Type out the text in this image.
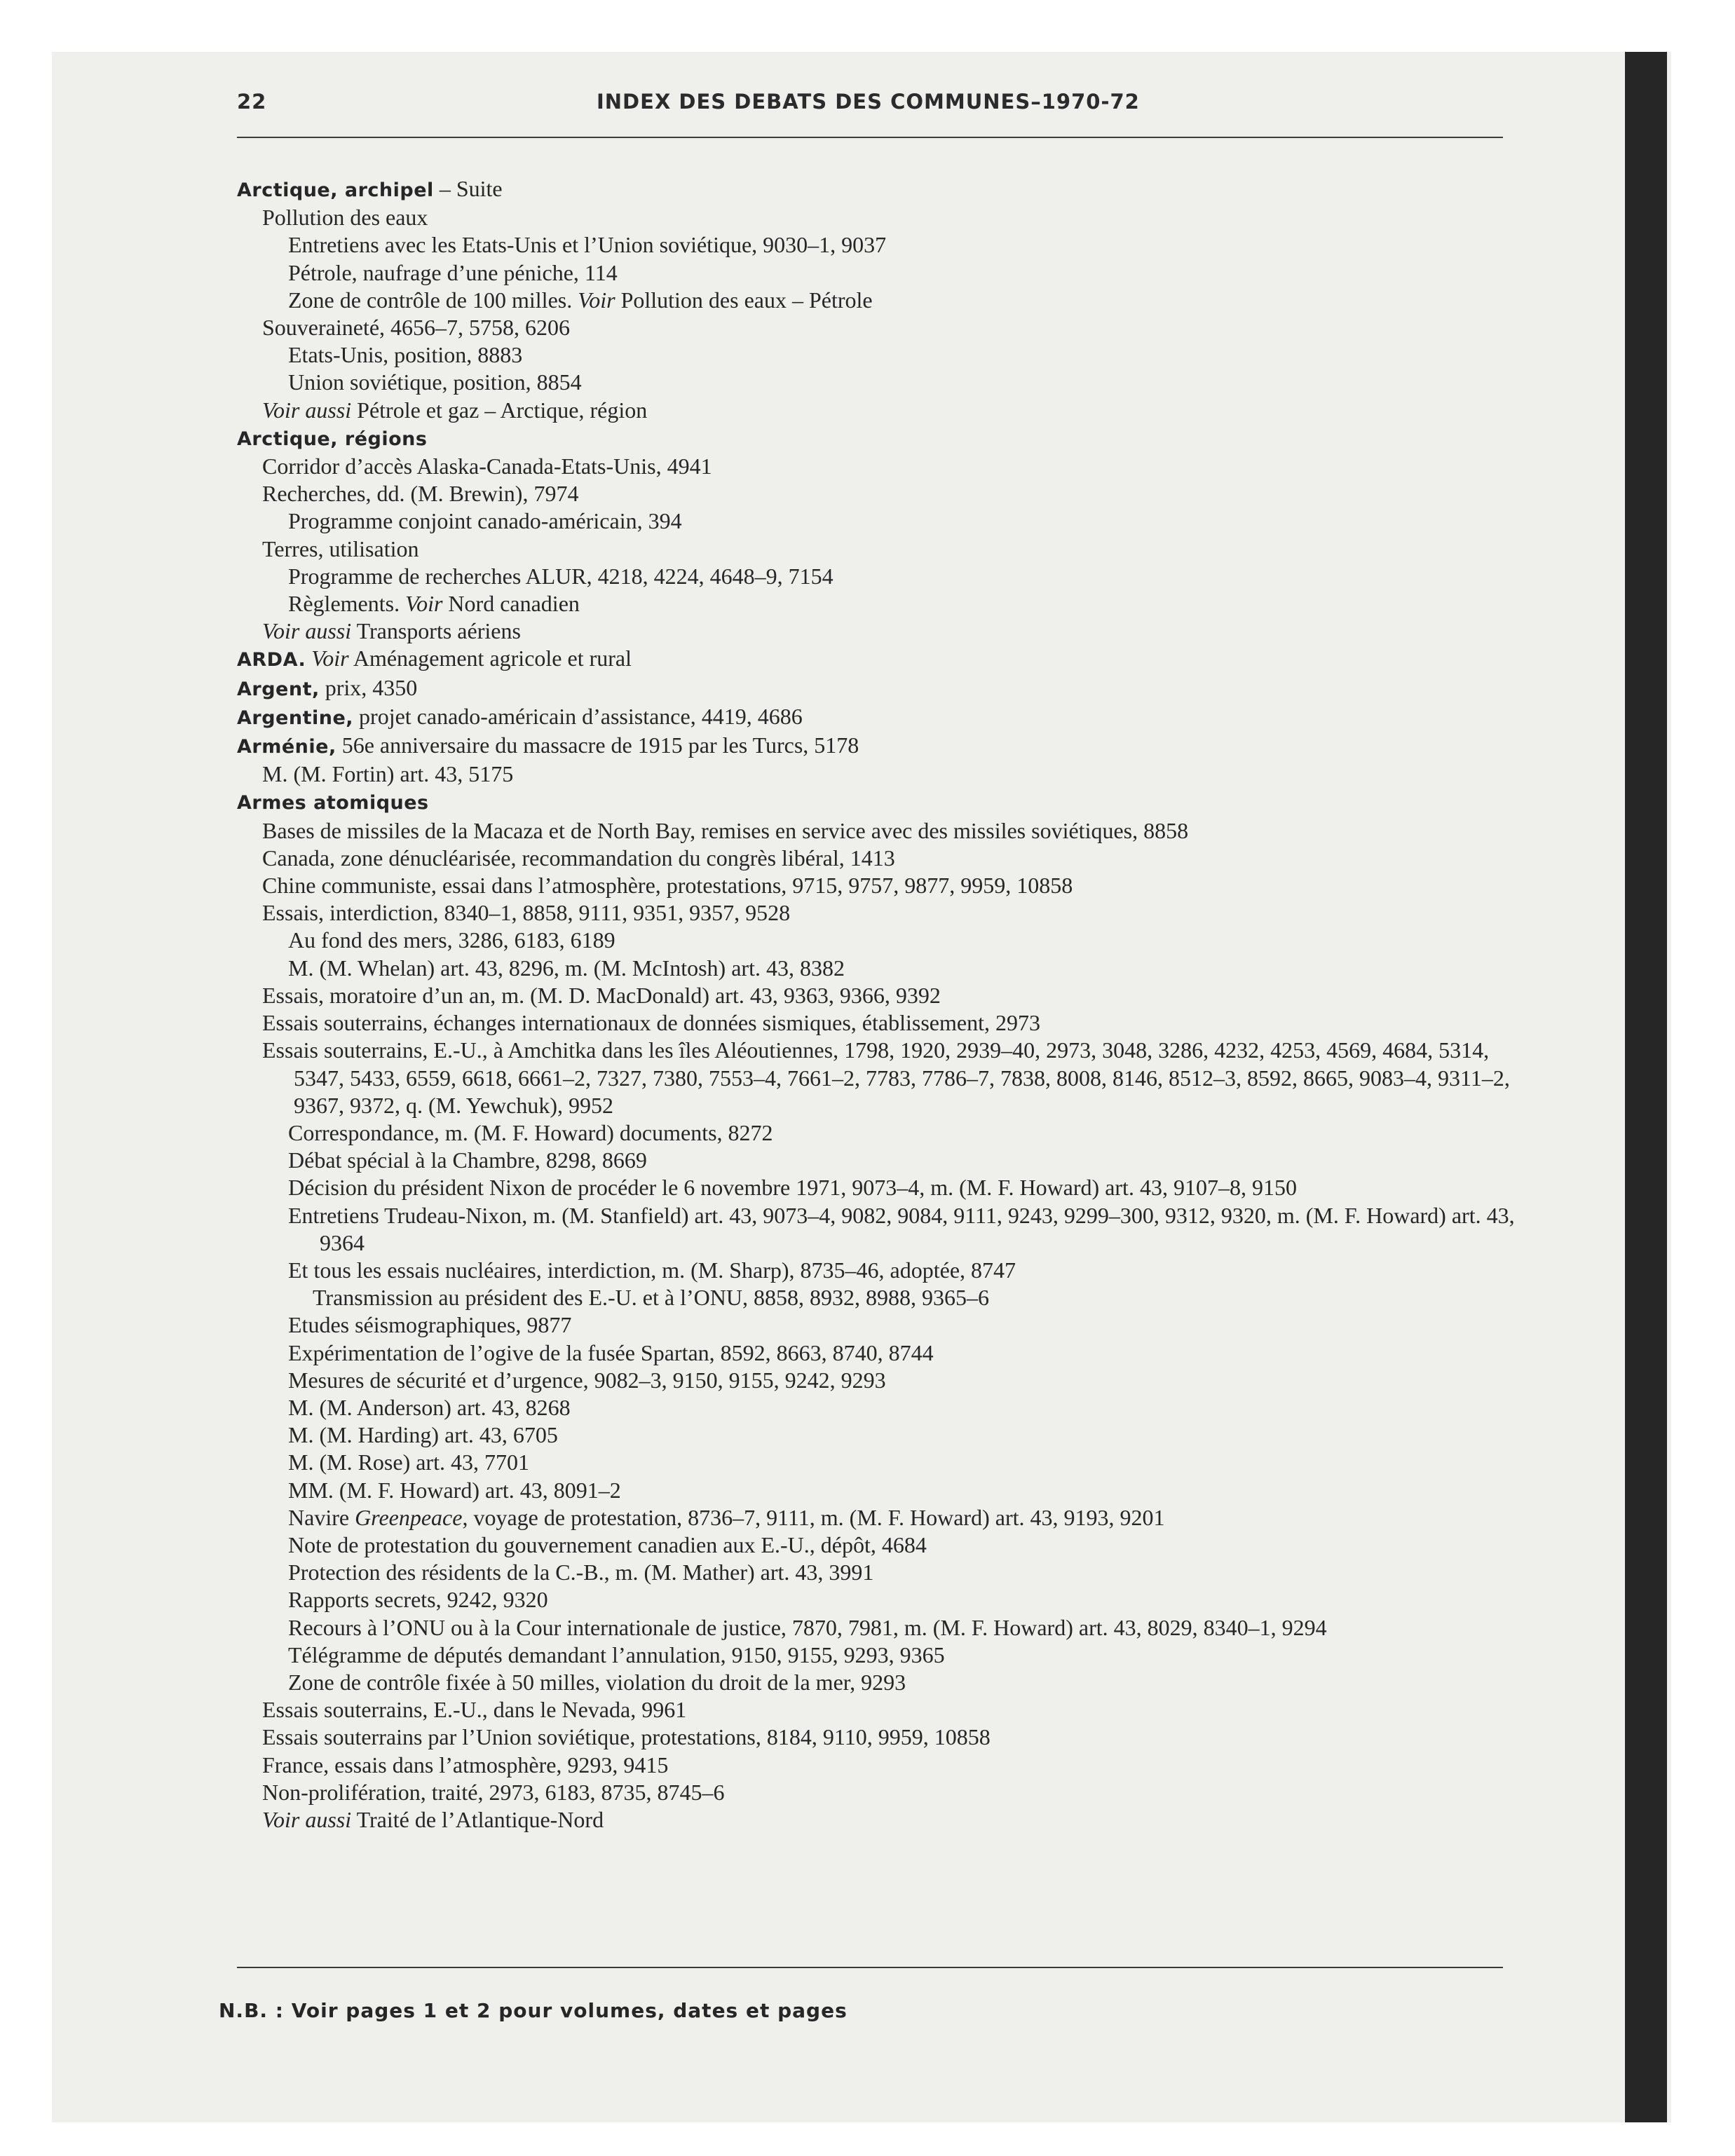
22	INDEX DES DEBATS DES COMMUNES–1970-72
Arctique, archipel – Suite
Pollution des eaux
Entretiens avec les Etats-Unis et l’Union soviétique, 9030–1, 9037
Pétrole, naufrage d’une péniche, 114
Zone de contrôle de 100 milles. Voir Pollution des eaux – Pétrole
Souveraineté, 4656–7, 5758, 6206
Etats-Unis, position, 8883
Union soviétique, position, 8854
Voir aussi Pétrole et gaz – Arctique, région
Arctique, régions
Corridor d’accès Alaska-Canada-Etats-Unis, 4941
Recherches, dd. (M. Brewin), 7974
Programme conjoint canado-américain, 394
Terres, utilisation
Programme de recherches ALUR, 4218, 4224, 4648–9, 7154
Règlements. Voir Nord canadien
Voir aussi Transports aériens
ARDA. Voir Aménagement agricole et rural
Argent, prix, 4350
Argentine, projet canado-américain d’assistance, 4419, 4686
Arménie, 56e anniversaire du massacre de 1915 par les Turcs, 5178
M. (M. Fortin) art. 43, 5175
Armes atomiques
Bases de missiles de la Macaza et de North Bay, remises en service avec des missiles soviétiques, 8858
Canada, zone dénucléarisée, recommandation du congrès libéral, 1413
Chine communiste, essai dans l’atmosphère, protestations, 9715, 9757, 9877, 9959, 10858
Essais, interdiction, 8340–1, 8858, 9111, 9351, 9357, 9528
Au fond des mers, 3286, 6183, 6189
M. (M. Whelan) art. 43, 8296, m. (M. McIntosh) art. 43, 8382
Essais, moratoire d’un an, m. (M. D. MacDonald) art. 43, 9363, 9366, 9392
Essais souterrains, échanges internationaux de données sismiques, établissement, 2973
Essais souterrains, E.-U., à Amchitka dans les îles Aléoutiennes, 1798, 1920, 2939–40, 2973, 3048, 3286, 4232, 4253, 4569, 4684, 5314, 5347, 5433, 6559, 6618, 6661–2, 7327, 7380, 7553–4, 7661–2, 7783, 7786–7, 7838, 8008, 8146, 8512–3, 8592, 8665, 9083–4, 9311–2, 9367, 9372, q. (M. Yewchuk), 9952
Correspondance, m. (M. F. Howard) documents, 8272
Débat spécial à la Chambre, 8298, 8669
Décision du président Nixon de procéder le 6 novembre 1971, 9073–4, m. (M. F. Howard) art. 43, 9107–8, 9150
Entretiens Trudeau-Nixon, m. (M. Stanfield) art. 43, 9073–4, 9082, 9084, 9111, 9243, 9299–300, 9312, 9320, m. (M. F. Howard) art. 43, 9364
Et tous les essais nucléaires, interdiction, m. (M. Sharp), 8735–46, adoptée, 8747
Transmission au président des E.-U. et à l’ONU, 8858, 8932, 8988, 9365–6
Etudes séismographiques, 9877
Expérimentation de l’ogive de la fusée Spartan, 8592, 8663, 8740, 8744
Mesures de sécurité et d’urgence, 9082–3, 9150, 9155, 9242, 9293
M. (M. Anderson) art. 43, 8268
M. (M. Harding) art. 43, 6705
M. (M. Rose) art. 43, 7701
MM. (M. F. Howard) art. 43, 8091–2
Navire Greenpeace, voyage de protestation, 8736–7, 9111, m. (M. F. Howard) art. 43, 9193, 9201
Note de protestation du gouvernement canadien aux E.-U., dépôt, 4684
Protection des résidents de la C.-B., m. (M. Mather) art. 43, 3991
Rapports secrets, 9242, 9320
Recours à l’ONU ou à la Cour internationale de justice, 7870, 7981, m. (M. F. Howard) art. 43, 8029, 8340–1, 9294
Télégramme de députés demandant l’annulation, 9150, 9155, 9293, 9365
Zone de contrôle fixée à 50 milles, violation du droit de la mer, 9293
Essais souterrains, E.-U., dans le Nevada, 9961
Essais souterrains par l’Union soviétique, protestations, 8184, 9110, 9959, 10858
France, essais dans l’atmosphère, 9293, 9415
Non-prolifération, traité, 2973, 6183, 8735, 8745–6
Voir aussi Traité de l’Atlantique-Nord
N.B. : Voir pages 1 et 2 pour volumes, dates et pages
